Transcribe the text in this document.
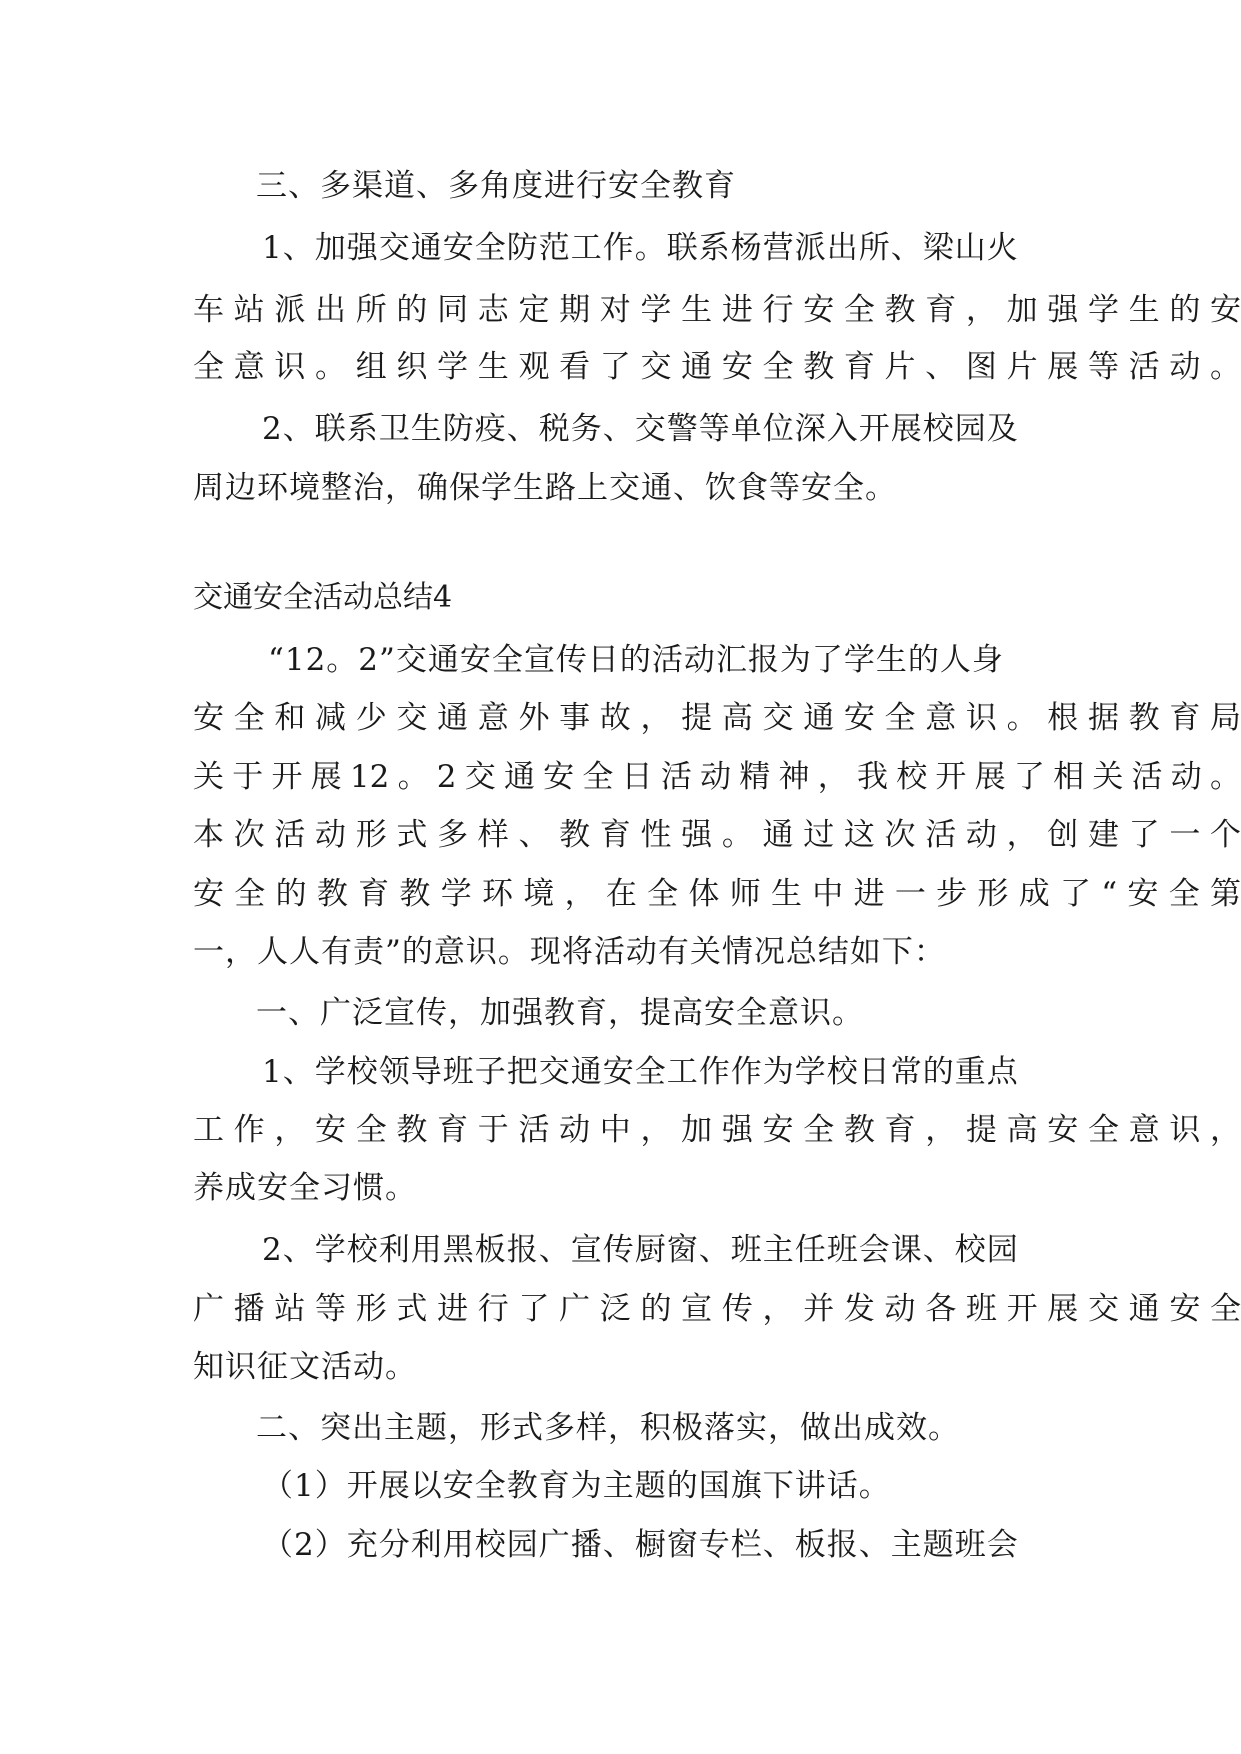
三、多渠道、多角度进行安全教育
1、加强交通安全防范工作。联系杨营派出所、梁山火
车站派出所的同志定期对学生进行安全教育，加强学生的安
全意识。组织学生观看了交通安全教育片、图片展等活动。
2、联系卫生防疫、税务、交警等单位深入开展校园及
周边环境整治，确保学生路上交通、饮食等安全。
交通安全活动总结4
“12。2”交通安全宣传日的活动汇报为了学生的人身
安全和减少交通意外事故，提高交通安全意识。根据教育局
关于开展12。2交通安全日活动精神，我校开展了相关活动。
本次活动形式多样、教育性强。通过这次活动，创建了一个
安全的教育教学环境，在全体师生中进一步形成了“安全第
一，人人有责”的意识。现将活动有关情况总结如下：
一、广泛宣传，加强教育，提高安全意识。
1、学校领导班子把交通安全工作作为学校日常的重点
工作，安全教育于活动中，加强安全教育，提高安全意识，
养成安全习惯。
2、学校利用黑板报、宣传厨窗、班主任班会课、校园
广播站等形式进行了广泛的宣传，并发动各班开展交通安全
知识征文活动。
二、突出主题，形式多样，积极落实，做出成效。
（1）开展以安全教育为主题的国旗下讲话。
（2）充分利用校园广播、橱窗专栏、板报、主题班会
